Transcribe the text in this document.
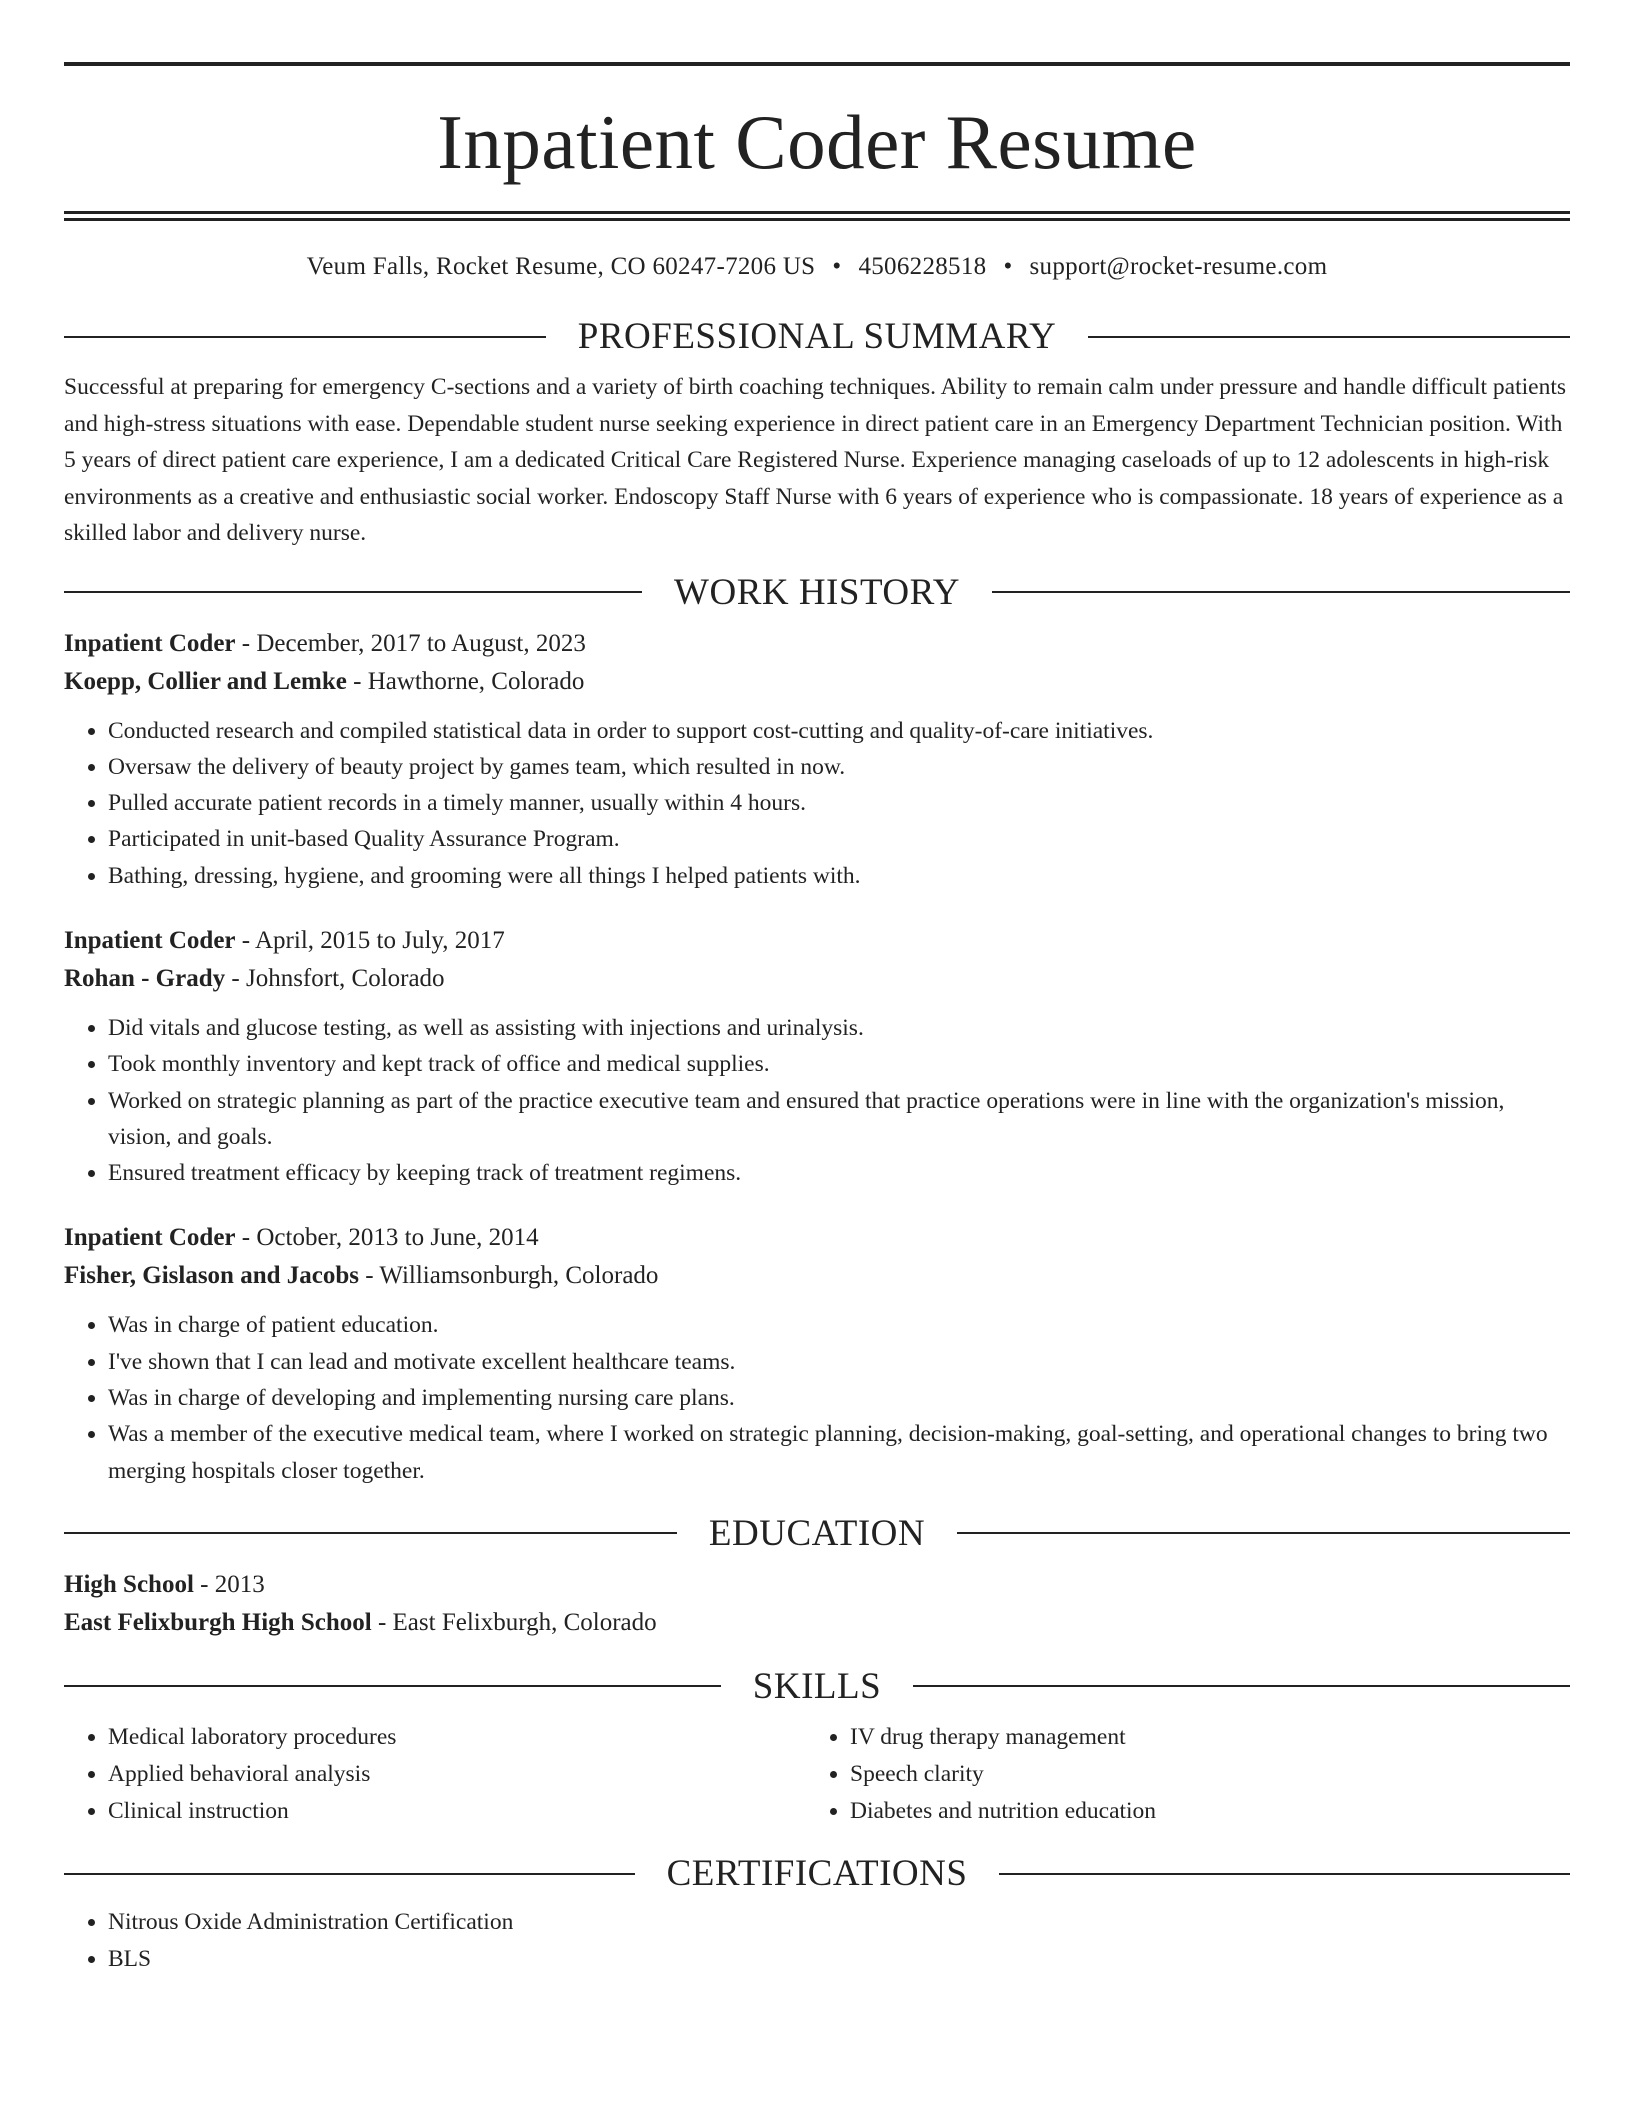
Inpatient Coder Resume
Veum Falls, Rocket Resume, CO 60247-7206 US • 4506228518 • support@rocket-resume.com
PROFESSIONAL SUMMARY
Successful at preparing for emergency C-sections and a variety of birth coaching techniques. Ability to remain calm under pressure and handle difficult patients and high-stress situations with ease. Dependable student nurse seeking experience in direct patient care in an Emergency Department Technician position. With 5 years of direct patient care experience, I am a dedicated Critical Care Registered Nurse. Experience managing caseloads of up to 12 adolescents in high-risk environments as a creative and enthusiastic social worker. Endoscopy Staff Nurse with 6 years of experience who is compassionate. 18 years of experience as a skilled labor and delivery nurse.
WORK HISTORY
Inpatient Coder - December, 2017 to August, 2023
Koepp, Collier and Lemke - Hawthorne, Colorado
• Conducted research and compiled statistical data in order to support cost-cutting and quality-of-care initiatives.
• Oversaw the delivery of beauty project by games team, which resulted in now.
• Pulled accurate patient records in a timely manner, usually within 4 hours.
• Participated in unit-based Quality Assurance Program.
• Bathing, dressing, hygiene, and grooming were all things I helped patients with.
Inpatient Coder - April, 2015 to July, 2017
Rohan - Grady - Johnsfort, Colorado
• Did vitals and glucose testing, as well as assisting with injections and urinalysis.
• Took monthly inventory and kept track of office and medical supplies.
• Worked on strategic planning as part of the practice executive team and ensured that practice operations were in line with the organization's mission, vision, and goals.
• Ensured treatment efficacy by keeping track of treatment regimens.
Inpatient Coder - October, 2013 to June, 2014
Fisher, Gislason and Jacobs - Williamsonburgh, Colorado
• Was in charge of patient education.
• I've shown that I can lead and motivate excellent healthcare teams.
• Was in charge of developing and implementing nursing care plans.
• Was a member of the executive medical team, where I worked on strategic planning, decision-making, goal-setting, and operational changes to bring two merging hospitals closer together.
EDUCATION
High School - 2013
East Felixburgh High School - East Felixburgh, Colorado
SKILLS
• Medical laboratory procedures
• Applied behavioral analysis
• Clinical instruction
• IV drug therapy management
• Speech clarity
• Diabetes and nutrition education
CERTIFICATIONS
• Nitrous Oxide Administration Certification
• BLS
